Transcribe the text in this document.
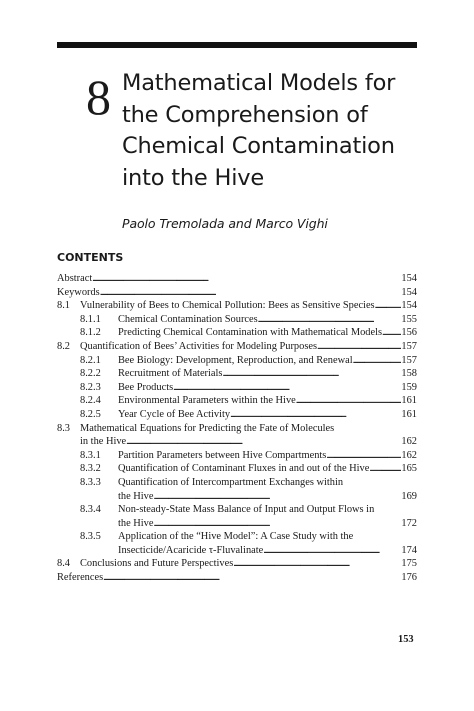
8 Mathematical Models for
the Comprehension of
Chemical Contamination
into the Hive
Paolo Tremolada and Marco Vighi
CONTENTS
Abstract . . .	154
Keywords . . .	154
8.1 Vulnerability of Bees to Chemical Pollution: Bees as Sensitive Species . . .	154
8.1.1 Chemical Contamination Sources . . .	155
8.1.2 Predicting Chemical Contamination with Mathematical Models . . . 156
8.2 Quantification of Bees’ Activities for Modeling Purposes . . .	157
8.2.1 Bee Biology: Development, Reproduction, and Renewal . . .	157
8.2.2 Recruitment of Materials . . .	158
8.2.3 Bee Products . . .	159
8.2.4 Environmental Parameters within the Hive . . .	161
8.2.5 Year Cycle of Bee Activity . . .	161
8.3 Mathematical Equations for Predicting the Fate of Molecules
in the Hive . . .	162
8.3.1 Partition Parameters between Hive Compartments . . .	162
8.3.2 Quantification of Contaminant Fluxes in and out of the Hive . . .	165
8.3.3 Quantification of Intercompartment Exchanges within
the Hive . . .	169
8.3.4 Non-steady-State Mass Balance of Input and Output Flows in
the Hive . . .	172
8.3.5 Application of the “Hive Model”: A Case Study with the
Insecticide/Acaricide τ-Fluvalinate . . .	174
8.4 Conclusions and Future Perspectives . . .	175
References . . .	176
153
